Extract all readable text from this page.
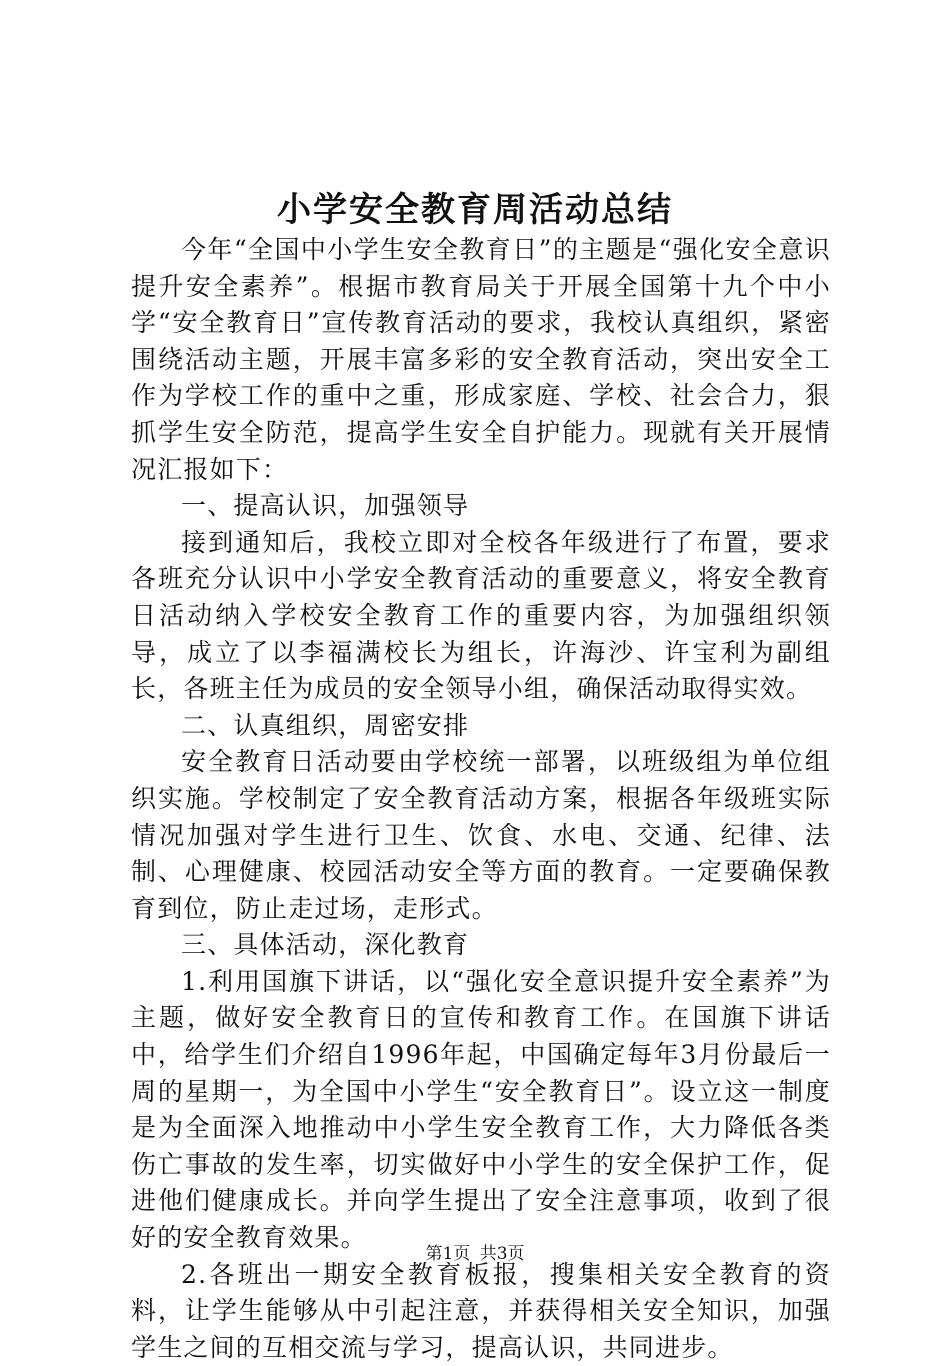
小学安全教育周活动总结

今年“全国中小学生安全教育日”的主题是“强化安全意识提升安全素养”。根据市教育局关于开展全国第十九个中小学“安全教育日”宣传教育活动的要求，我校认真组织，紧密围绕活动主题，开展丰富多彩的安全教育活动，突出安全工作为学校工作的重中之重，形成家庭、学校、社会合力，狠抓学生安全防范，提高学生安全自护能力。现就有关开展情况汇报如下：

一、提高认识，加强领导

接到通知后，我校立即对全校各年级进行了布置，要求各班充分认识中小学安全教育活动的重要意义，将安全教育日活动纳入学校安全教育工作的重要内容，为加强组织领导，成立了以李福满校长为组长，许海沙、许宝利为副组长，各班主任为成员的安全领导小组，确保活动取得实效。

二、认真组织，周密安排

安全教育日活动要由学校统一部署，以班级组为单位组织实施。学校制定了安全教育活动方案，根据各年级班实际情况加强对学生进行卫生、饮食、水电、交通、纪律、法制、心理健康、校园活动安全等方面的教育。一定要确保教育到位，防止走过场，走形式。

三、具体活动，深化教育

1.利用国旗下讲话，以“强化安全意识提升安全素养”为主题，做好安全教育日的宣传和教育工作。在国旗下讲话中，给学生们介绍自1996年起，中国确定每年3月份最后一周的星期一，为全国中小学生“安全教育日”。设立这一制度是为全面深入地推动中小学生安全教育工作，大力降低各类伤亡事故的发生率，切实做好中小学生的安全保护工作，促进他们健康成长。并向学生提出了安全注意事项，收到了很好的安全教育效果。

2.各班出一期安全教育板报，搜集相关安全教育的资料，让学生能够从中引起注意，并获得相关安全知识，加强学生之间的互相交流与学习，提高认识，共同进步。

第1页 共3页
